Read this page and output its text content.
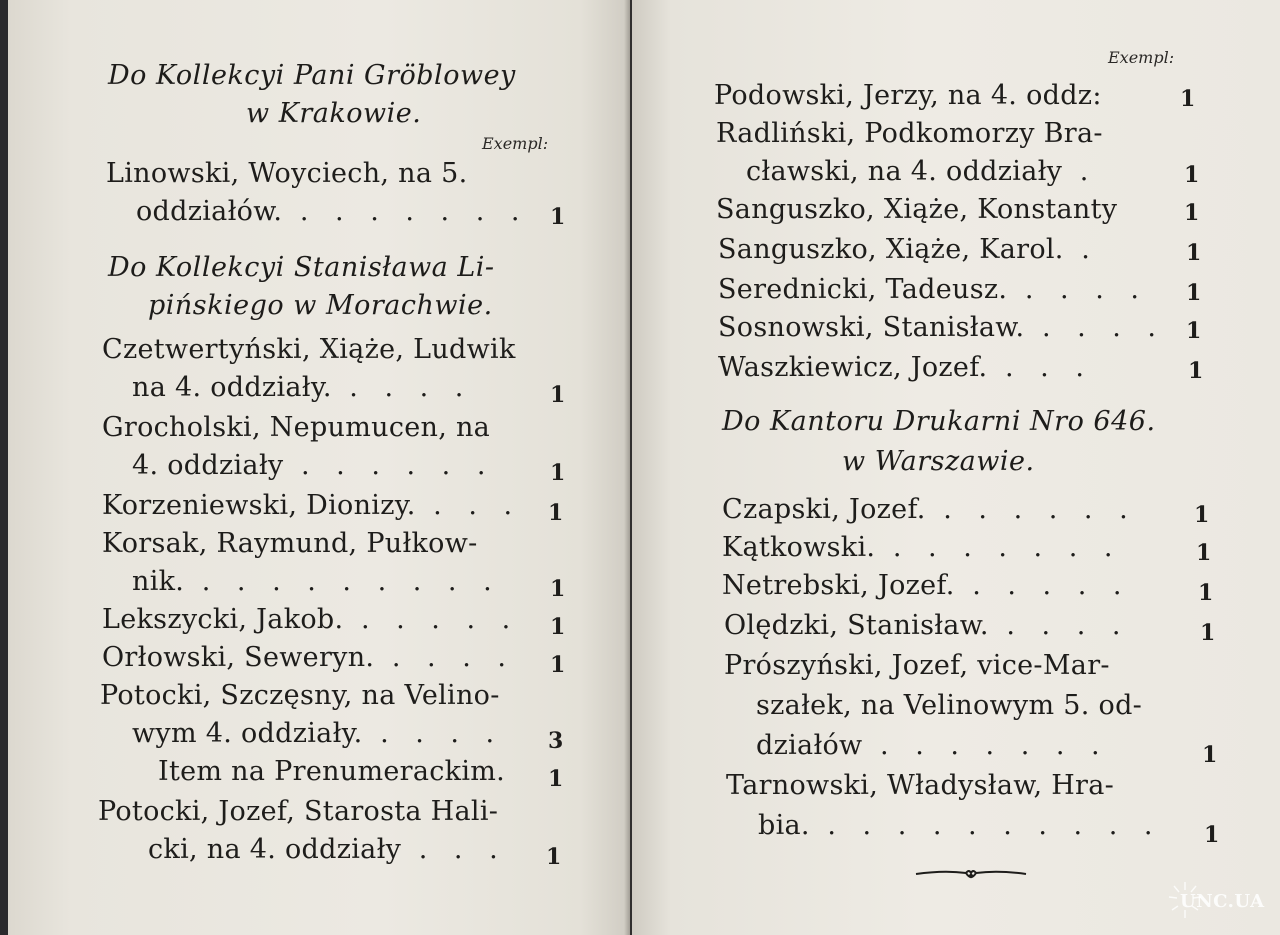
Do Kollekcyi Pani Gröblowey
w Krakowie.
Exempl:
Linowski, Woyciech, na 5.
oddziałów. . . . . . . . 1
Do Kollekcyi Stanisława Li-
pińskiego w Morachwie.
Czetwertyński, Xiąże, Ludwik
na 4. oddziały. . . . .	1
Grocholski, Nepumucen, na
4. oddziały . . . . . .	1
Korzeniewski, Dionizy. . . . 1
Korsak, Raymund, Pułkow-
nik. . . . . . . . . . 1
Lekszycki, Jakob. . . . . . 1
Orłowski, Seweryn. . . . . 1
Potocki, Szczęsny, na Velino-
wym 4. oddziały. . . . . 3
Item na Prenumerackim. 1
Potocki, Jozef, Starosta Hali-
cki, na 4. oddziały . . . 1
Exempl:
Podowski, Jerzy, na 4. oddz:	1
Radliński, Podkomorzy Bra-
cławski, na 4. oddziały .	1
Sanguszko, Xiąże, Konstanty	1
Sanguszko, Xiąże, Karol. .	1
Serednicki, Tadeusz. . . . . 1
Sosnowski, Stanisław. . . . . 1
Waszkiewicz, Jozef. . . .	1
Do Kantoru Drukarni Nro 646.
w Warszawie.
Czapski, Jozef. . . . . . .	1
Kątkowski. . . . . . . .	1
Netrebski, Jozef. . . . . .	1
Olędzki, Stanisław. . . . .	1
Prószyński, Jozef, vice-Mar-
szałek, na Velinowym 5. od-
działów . . . . . . .	1
Tarnowski, Władysław, Hra-
bia. . . . . . . . . . . 1
UNC.UA
